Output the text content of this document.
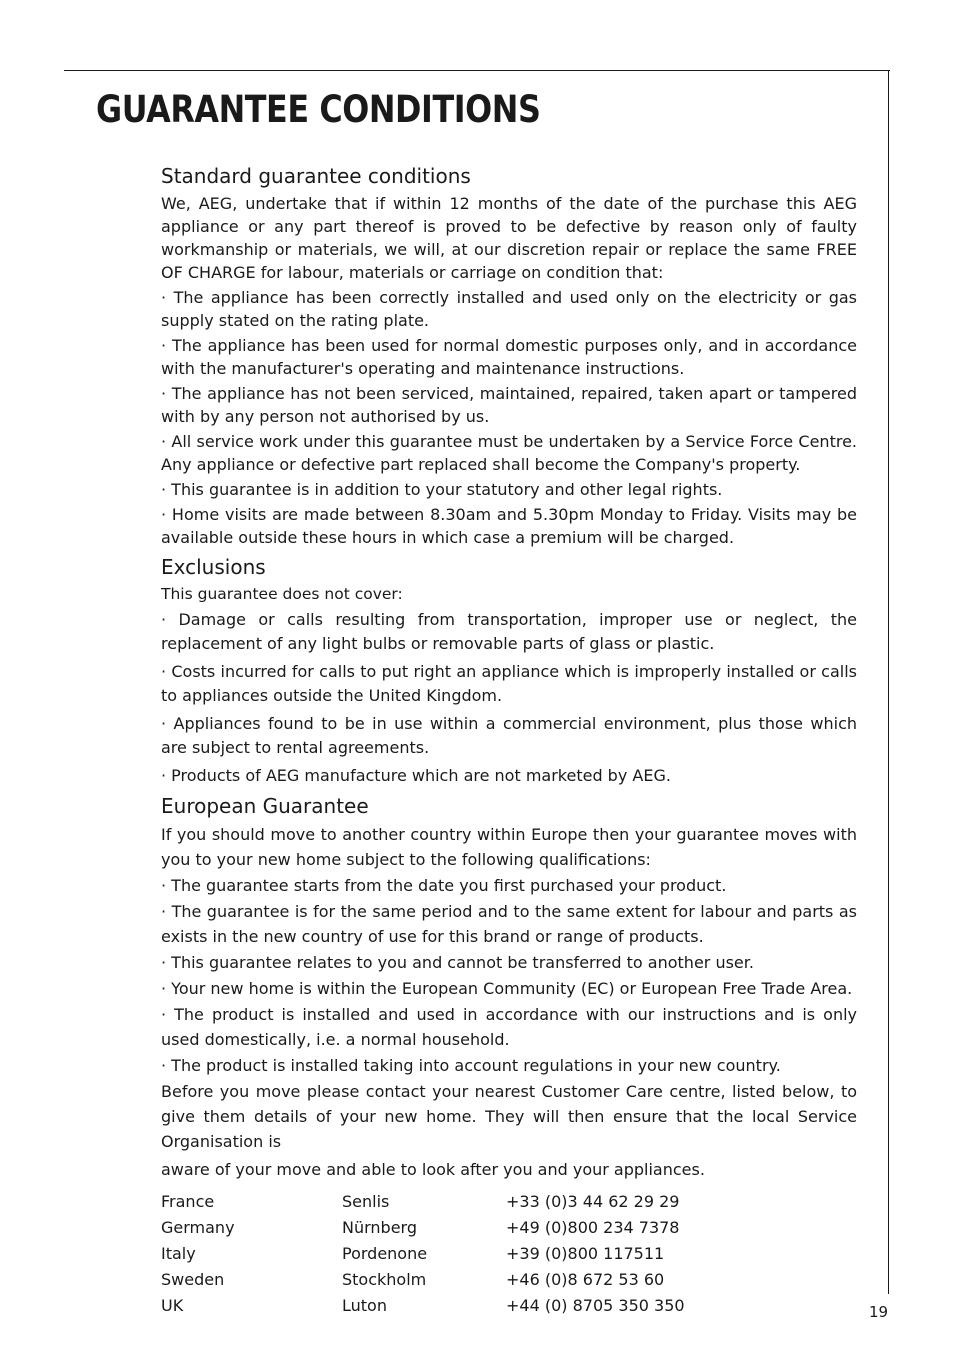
GUARANTEE CONDITIONS
Standard guarantee conditions

We, AEG, undertake that if within 12 months of the date of the purchase this AEG appliance or any part thereof is proved to be defective by reason only of faulty workmanship or materials, we will, at our discretion repair or replace the same FREE OF CHARGE for labour, materials or carriage on condition that:

· The appliance has been correctly installed and used only on the electricity or gas supply stated on the rating plate.

· The appliance has been used for normal domestic purposes only, and in accordance with the manufacturer's operating and maintenance instructions.

· The appliance has not been serviced, maintained, repaired, taken apart or tampered with by any person not authorised by us.

· All service work under this guarantee must be undertaken by a Service Force Centre. Any appliance or defective part replaced shall become the Company's property.

· This guarantee is in addition to your statutory and other legal rights.

· Home visits are made between 8.30am and 5.30pm Monday to Friday. Visits may be available outside these hours in which case a premium will be charged.

Exclusions

This guarantee does not cover:

· Damage or calls resulting from transportation, improper use or neglect, the replacement of any light bulbs or removable parts of glass or plastic.

· Costs incurred for calls to put right an appliance which is improperly installed or calls to appliances outside the United Kingdom.

· Appliances found to be in use within a commercial environment, plus those which are subject to rental agreements.

· Products of AEG manufacture which are not marketed by AEG.

European Guarantee

If you should move to another country within Europe then your guarantee moves with you to your new home subject to the following qualifications:

· The guarantee starts from the date you first purchased your product.

· The guarantee is for the same period and to the same extent for labour and parts as exists in the new country of use for this brand or range of products.

· This guarantee relates to you and cannot be transferred to another user.

· Your new home is within the European Community (EC) or European Free Trade Area.

· The product is installed and used in accordance with our instructions and is only used domestically, i.e. a normal household.

· The product is installed taking into account regulations in your new country.

Before you move please contact your nearest Customer Care centre, listed below, to give them details of your new home. They will then ensure that the local Service Organisation is

aware of your move and able to look after you and your appliances.

France	Senlis	+33 (0)3 44 62 29 29
Germany	Nürnberg	+49 (0)800 234 7378
Italy	Pordenone	+39 (0)800 117511
Sweden	Stockholm	+46 (0)8 672 53 60
UK	Luton	+44 (0) 8705 350 350	19
